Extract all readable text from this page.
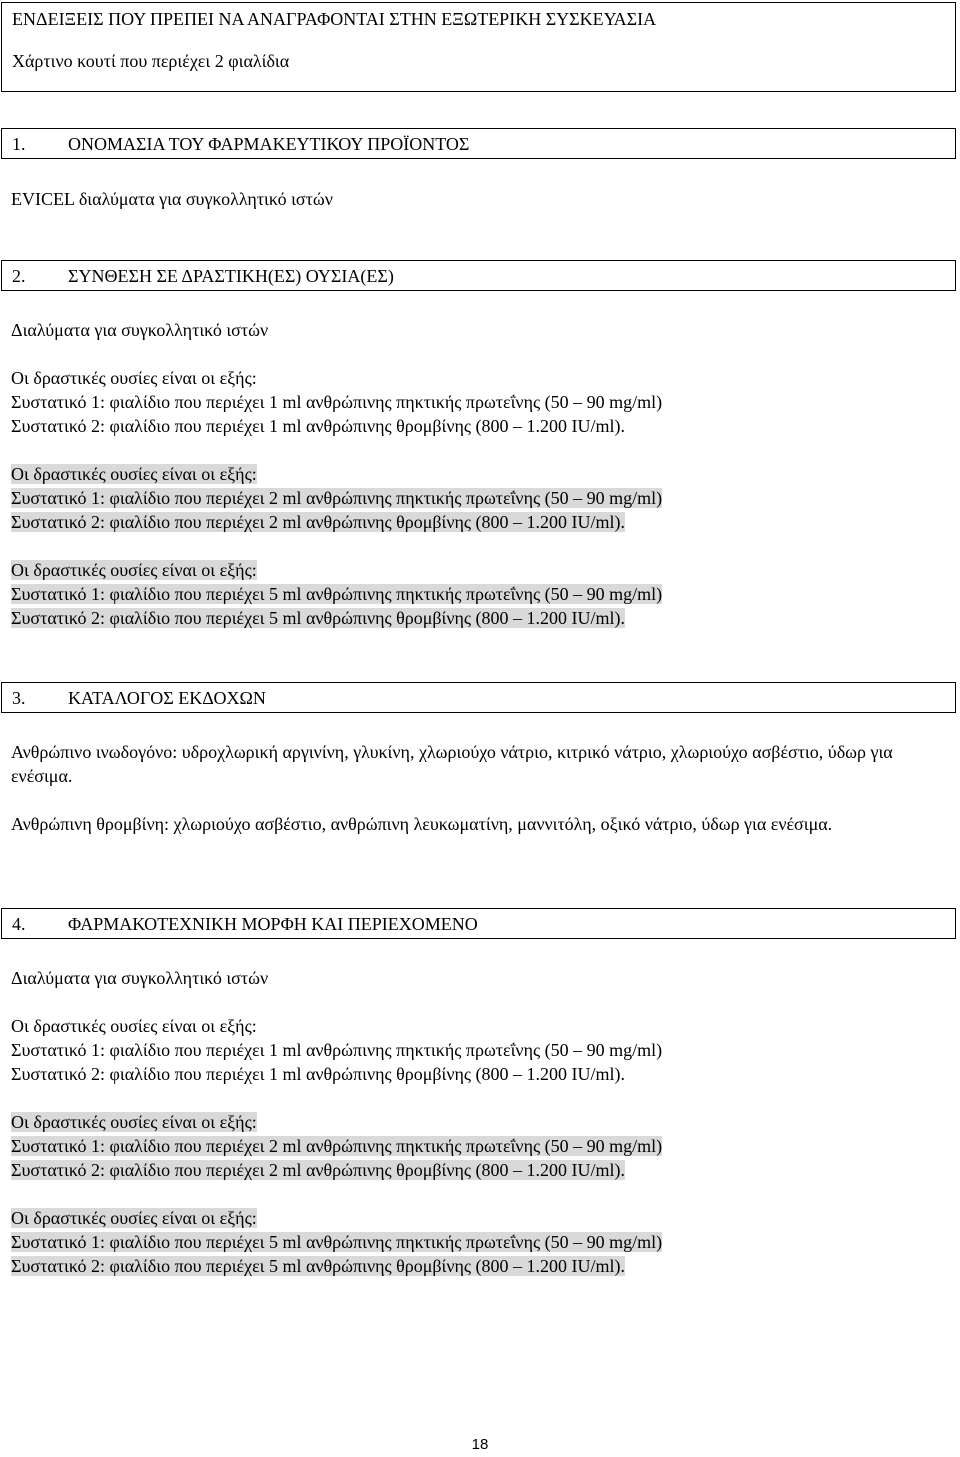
ΕΝΔΕΙΞΕΙΣ ΠΟΥ ΠΡΕΠΕΙ ΝΑ ΑΝΑΓΡΑΦΟΝΤΑΙ ΣΤΗΝ ΕΞΩΤΕΡΙΚΗ ΣΥΣΚΕΥΑΣΙΑ
Χάρτινο κουτί που περιέχει 2 φιαλίδια
1. ΟΝΟΜΑΣΙΑ ΤΟΥ ΦΑΡΜΑΚΕΥΤΙΚΟΥ ΠΡΟΪΟΝΤΟΣ
EVICEL διαλύματα για συγκολλητικό ιστών
2. ΣΥΝΘΕΣΗ ΣΕ ΔΡΑΣΤΙΚΗ(ΕΣ) ΟΥΣΙΑ(ΕΣ)
Διαλύματα για συγκολλητικό ιστών
Οι δραστικές ουσίες είναι οι εξής:
Συστατικό 1: φιαλίδιο που περιέχει 1 ml ανθρώπινης πηκτικής πρωτεΐνης (50 – 90 mg/ml)
Συστατικό 2: φιαλίδιο που περιέχει 1 ml ανθρώπινης θρομβίνης (800 – 1.200 IU/ml).
Οι δραστικές ουσίες είναι οι εξής:
Συστατικό 1: φιαλίδιο που περιέχει 2 ml ανθρώπινης πηκτικής πρωτεΐνης (50 – 90 mg/ml)
Συστατικό 2: φιαλίδιο που περιέχει 2 ml ανθρώπινης θρομβίνης (800 – 1.200 IU/ml).
Οι δραστικές ουσίες είναι οι εξής:
Συστατικό 1: φιαλίδιο που περιέχει 5 ml ανθρώπινης πηκτικής πρωτεΐνης (50 – 90 mg/ml)
Συστατικό 2: φιαλίδιο που περιέχει 5 ml ανθρώπινης θρομβίνης (800 – 1.200 IU/ml).
3. ΚΑΤΑΛΟΓΟΣ ΕΚΔΟΧΩΝ
Ανθρώπινο ινωδογόνο: υδροχλωρική αργινίνη, γλυκίνη, χλωριούχο νάτριο, κιτρικό νάτριο, χλωριούχο ασβέστιο, ύδωρ για ενέσιμα.
Ανθρώπινη θρομβίνη: χλωριούχο ασβέστιο, ανθρώπινη λευκωματίνη, μαννιτόλη, οξικό νάτριο, ύδωρ για ενέσιμα.
4. ΦΑΡΜΑΚΟΤΕΧΝΙΚΗ ΜΟΡΦΗ ΚΑΙ ΠΕΡΙΕΧΟΜΕΝΟ
Διαλύματα για συγκολλητικό ιστών
Οι δραστικές ουσίες είναι οι εξής:
Συστατικό 1: φιαλίδιο που περιέχει 1 ml ανθρώπινης πηκτικής πρωτεΐνης (50 – 90 mg/ml)
Συστατικό 2: φιαλίδιο που περιέχει 1 ml ανθρώπινης θρομβίνης (800 – 1.200 IU/ml).
Οι δραστικές ουσίες είναι οι εξής:
Συστατικό 1: φιαλίδιο που περιέχει 2 ml ανθρώπινης πηκτικής πρωτεΐνης (50 – 90 mg/ml)
Συστατικό 2: φιαλίδιο που περιέχει 2 ml ανθρώπινης θρομβίνης (800 – 1.200 IU/ml).
Οι δραστικές ουσίες είναι οι εξής:
Συστατικό 1: φιαλίδιο που περιέχει 5 ml ανθρώπινης πηκτικής πρωτεΐνης (50 – 90 mg/ml)
Συστατικό 2: φιαλίδιο που περιέχει 5 ml ανθρώπινης θρομβίνης (800 – 1.200 IU/ml).
18
